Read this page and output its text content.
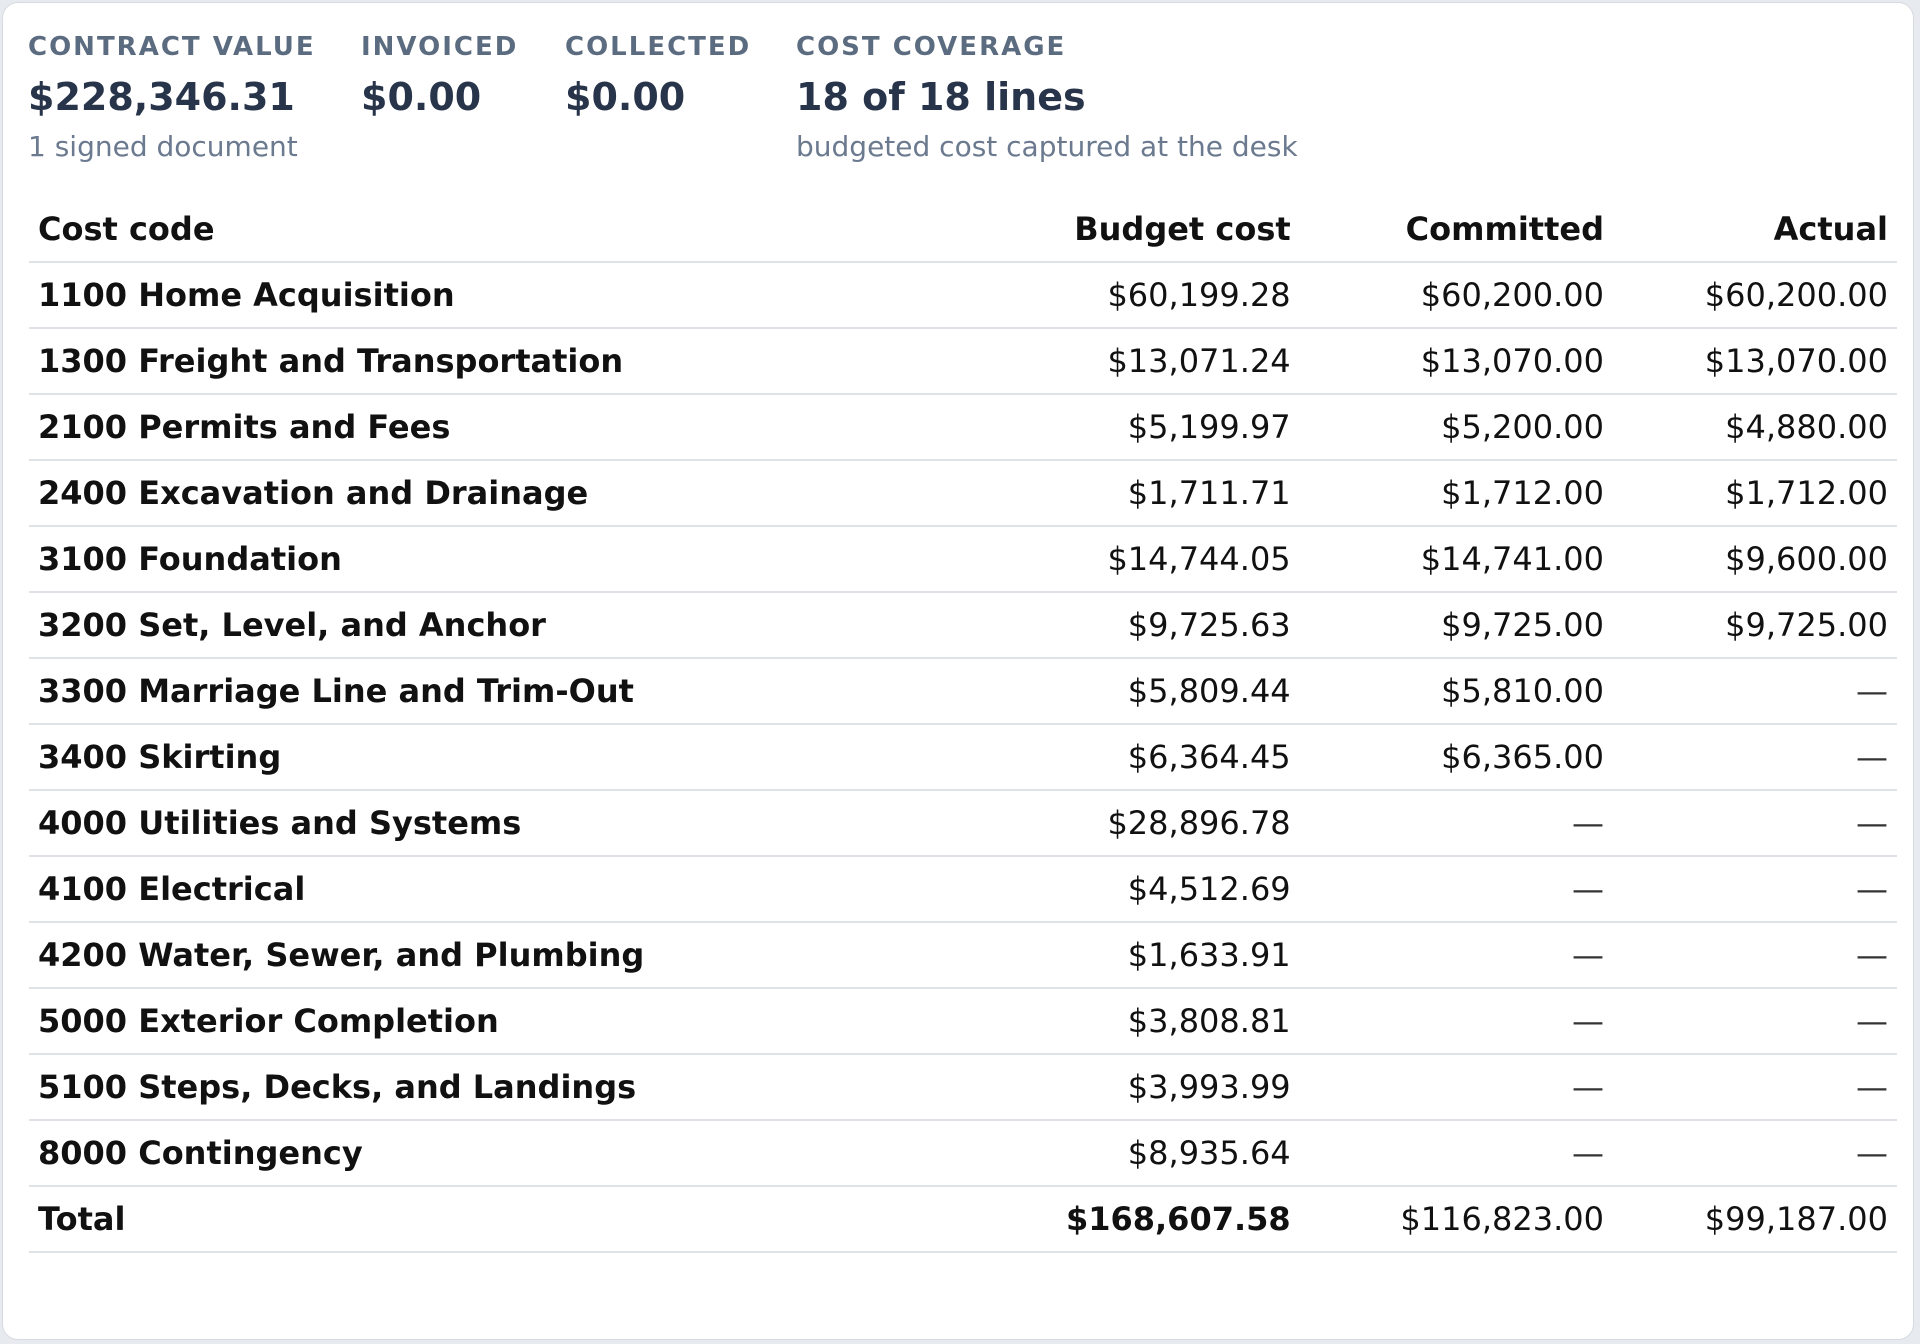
CONTRACT VALUE
$228,346.31
1 signed document
INVOICED
$0.00
COLLECTED
$0.00
COST COVERAGE
18 of 18 lines
budgeted cost captured at the desk
Cost code	Budget cost	Committed	Actual
1100 Home Acquisition	$60,199.28	$60,200.00	$60,200.00
1300 Freight and Transportation	$13,071.24	$13,070.00	$13,070.00
2100 Permits and Fees	$5,199.97	$5,200.00	$4,880.00
2400 Excavation and Drainage	$1,711.71	$1,712.00	$1,712.00
3100 Foundation	$14,744.05	$14,741.00	$9,600.00
3200 Set, Level, and Anchor	$9,725.63	$9,725.00	$9,725.00
3300 Marriage Line and Trim-Out	$5,809.44	$5,810.00	—
3400 Skirting	$6,364.45	$6,365.00	—
4000 Utilities and Systems	$28,896.78	—	—
4100 Electrical	$4,512.69	—	—
4200 Water, Sewer, and Plumbing	$1,633.91	—	—
5000 Exterior Completion	$3,808.81	—	—
5100 Steps, Decks, and Landings	$3,993.99	—	—
8000 Contingency	$8,935.64	—	—
Total	$168,607.58	$116,823.00	$99,187.00
